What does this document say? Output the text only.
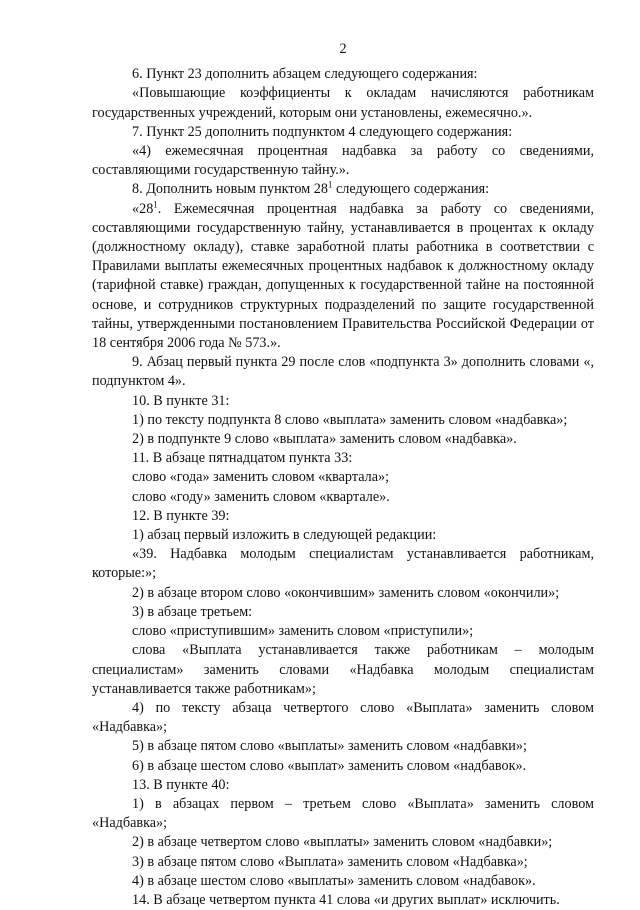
2

6. Пункт 23 дополнить абзацем следующего содержания:

«Повышающие коэффициенты к окладам начисляются работникам государственных учреждений, которым они установлены, ежемесячно.».

7. Пункт 25 дополнить подпунктом 4 следующего содержания:

«4) ежемесячная процентная надбавка за работу со сведениями, составляющими государственную тайну.».

8. Дополнить новым пунктом $28^1$ следующего содержания:

«$28^1$. Ежемесячная процентная надбавка за работу со сведениями, составляющими государственную тайну, устанавливается в процентах к окладу (должностному окладу), ставке заработной платы работника в соответствии с Правилами выплаты ежемесячных процентных надбавок к должностному окладу (тарифной ставке) граждан, допущенных к государственной тайне на постоянной основе, и сотрудников структурных подразделений по защите государственной тайны, утвержденными постановлением Правительства Российской Федерации от 18 сентября 2006 года № 573.».

9. Абзац первый пункта 29 после слов «подпункта 3» дополнить словами «, подпунктом 4».

10. В пункте 31:

1) по тексту подпункта 8 слово «выплата» заменить словом «надбавка»;

2) в подпункте 9 слово «выплата» заменить словом «надбавка».

11. В абзаце пятнадцатом пункта 33:

слово «года» заменить словом «квартала»;

слово «году» заменить словом «квартале».

12. В пункте 39:

1) абзац первый изложить в следующей редакции:

«39. Надбавка молодым специалистам устанавливается работникам, которые:»;

2) в абзаце втором слово «окончившим» заменить словом «окончили»;

3) в абзаце третьем:

слово «приступившим» заменить словом «приступили»;

слова «Выплата устанавливается также работникам – молодым специалистам» заменить словами «Надбавка молодым специалистам устанавливается также работникам»;

4) по тексту абзаца четвертого слово «Выплата» заменить словом «Надбавка»;

5) в абзаце пятом слово «выплаты» заменить словом «надбавки»;

6) в абзаце шестом слово «выплат» заменить словом «надбавок».

13. В пункте 40:

1) в абзацах первом – третьем слово «Выплата» заменить словом «Надбавка»;

2) в абзаце четвертом слово «выплаты» заменить словом «надбавки»;

3) в абзаце пятом слово «Выплата» заменить словом «Надбавка»;

4) в абзаце шестом слово «выплаты» заменить словом «надбавок».

14. В абзаце четвертом пункта 41 слова «и других выплат» исключить.
